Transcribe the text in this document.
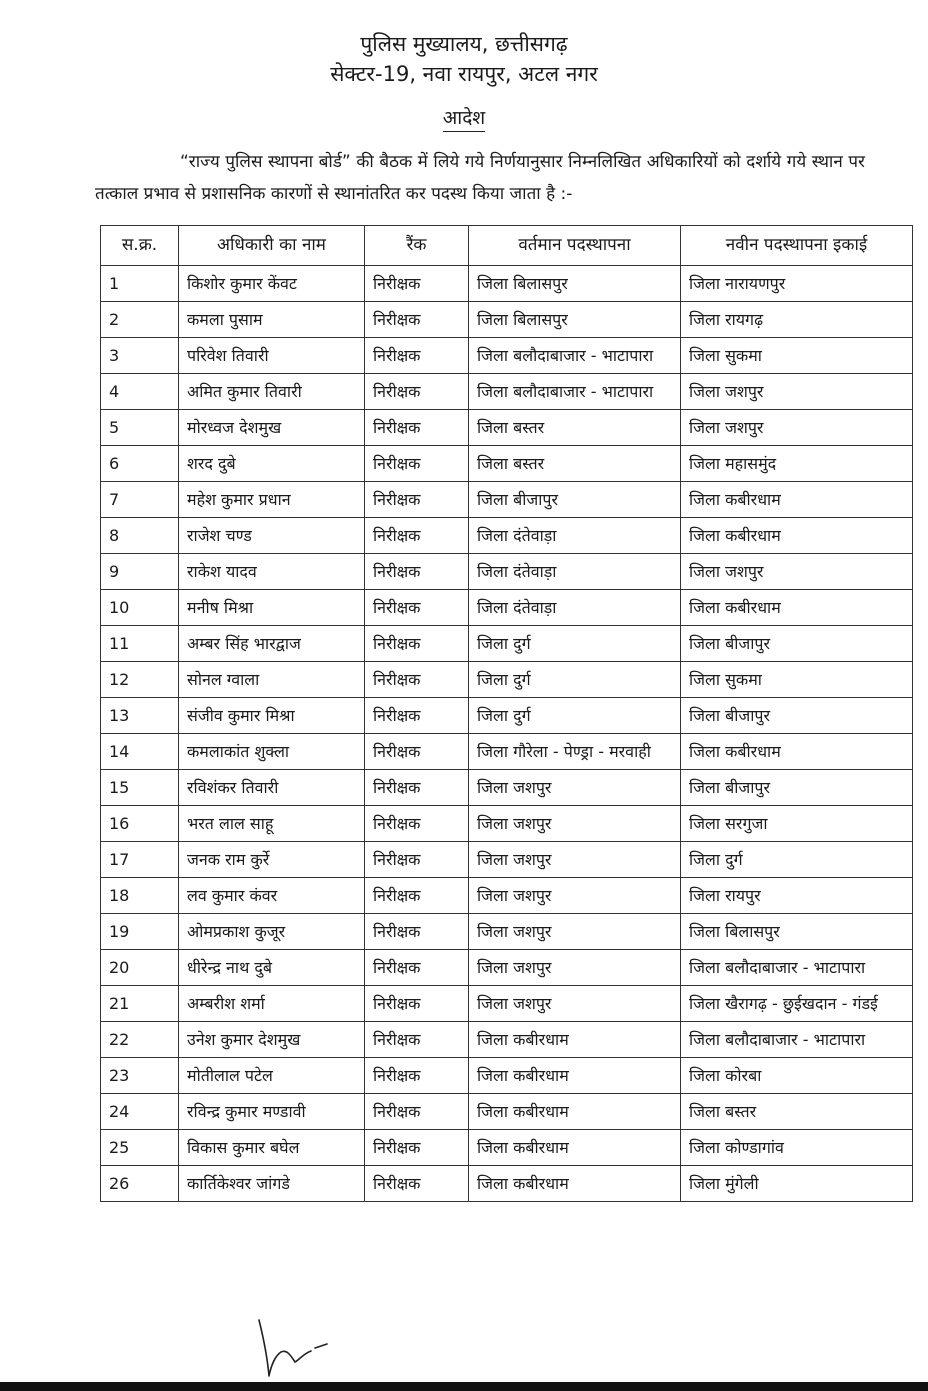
पुलिस मुख्यालय, छत्तीसगढ़
सेक्टर-19, नवा रायपुर, अटल नगर
आदेश
“राज्य पुलिस स्थापना बोर्ड” की बैठक में लिये गये निर्णयानुसार निम्नलिखित अधिकारियों को दर्शाये गये स्थान पर तत्काल प्रभाव से प्रशासनिक कारणों से स्थानांतरित कर पदस्थ किया जाता है :-
स.क्र.	अधिकारी का नाम	रैंक	वर्तमान पदस्थापना	नवीन पदस्थापना इकाई
1	किशोर कुमार केंवट	निरीक्षक	जिला बिलासपुर	जिला नारायणपुर
2	कमला पुसाम	निरीक्षक	जिला बिलासपुर	जिला रायगढ़
3	परिवेश तिवारी	निरीक्षक	जिला बलौदाबाजार - भाटापारा	जिला सुकमा
4	अमित कुमार तिवारी	निरीक्षक	जिला बलौदाबाजार - भाटापारा	जिला जशपुर
5	मोरध्वज देशमुख	निरीक्षक	जिला बस्तर	जिला जशपुर
6	शरद दुबे	निरीक्षक	जिला बस्तर	जिला महासमुंद
7	महेश कुमार प्रधान	निरीक्षक	जिला बीजापुर	जिला कबीरधाम
8	राजेश चण्ड	निरीक्षक	जिला दंतेवाड़ा	जिला कबीरधाम
9	राकेश यादव	निरीक्षक	जिला दंतेवाड़ा	जिला जशपुर
10	मनीष मिश्रा	निरीक्षक	जिला दंतेवाड़ा	जिला कबीरधाम
11	अम्बर सिंह भारद्वाज	निरीक्षक	जिला दुर्ग	जिला बीजापुर
12	सोनल ग्वाला	निरीक्षक	जिला दुर्ग	जिला सुकमा
13	संजीव कुमार मिश्रा	निरीक्षक	जिला दुर्ग	जिला बीजापुर
14	कमलाकांत शुक्ला	निरीक्षक	जिला गौरेला - पेण्ड्रा - मरवाही	जिला कबीरधाम
15	रविशंकर तिवारी	निरीक्षक	जिला जशपुर	जिला बीजापुर
16	भरत लाल साहू	निरीक्षक	जिला जशपुर	जिला सरगुजा
17	जनक राम कुर्रे	निरीक्षक	जिला जशपुर	जिला दुर्ग
18	लव कुमार कंवर	निरीक्षक	जिला जशपुर	जिला रायपुर
19	ओमप्रकाश कुजूर	निरीक्षक	जिला जशपुर	जिला बिलासपुर
20	धीरेन्द्र नाथ दुबे	निरीक्षक	जिला जशपुर	जिला बलौदाबाजार - भाटापारा
21	अम्बरीश शर्मा	निरीक्षक	जिला जशपुर	जिला खैरागढ़ - छुईखदान - गंडई
22	उनेश कुमार देशमुख	निरीक्षक	जिला कबीरधाम	जिला बलौदाबाजार - भाटापारा
23	मोतीलाल पटेल	निरीक्षक	जिला कबीरधाम	जिला कोरबा
24	रविन्द्र कुमार मण्डावी	निरीक्षक	जिला कबीरधाम	जिला बस्तर
25	विकास कुमार बघेल	निरीक्षक	जिला कबीरधाम	जिला कोण्डागांव
26	कार्तिकेश्वर जांगडे	निरीक्षक	जिला कबीरधाम	जिला मुंगेली
